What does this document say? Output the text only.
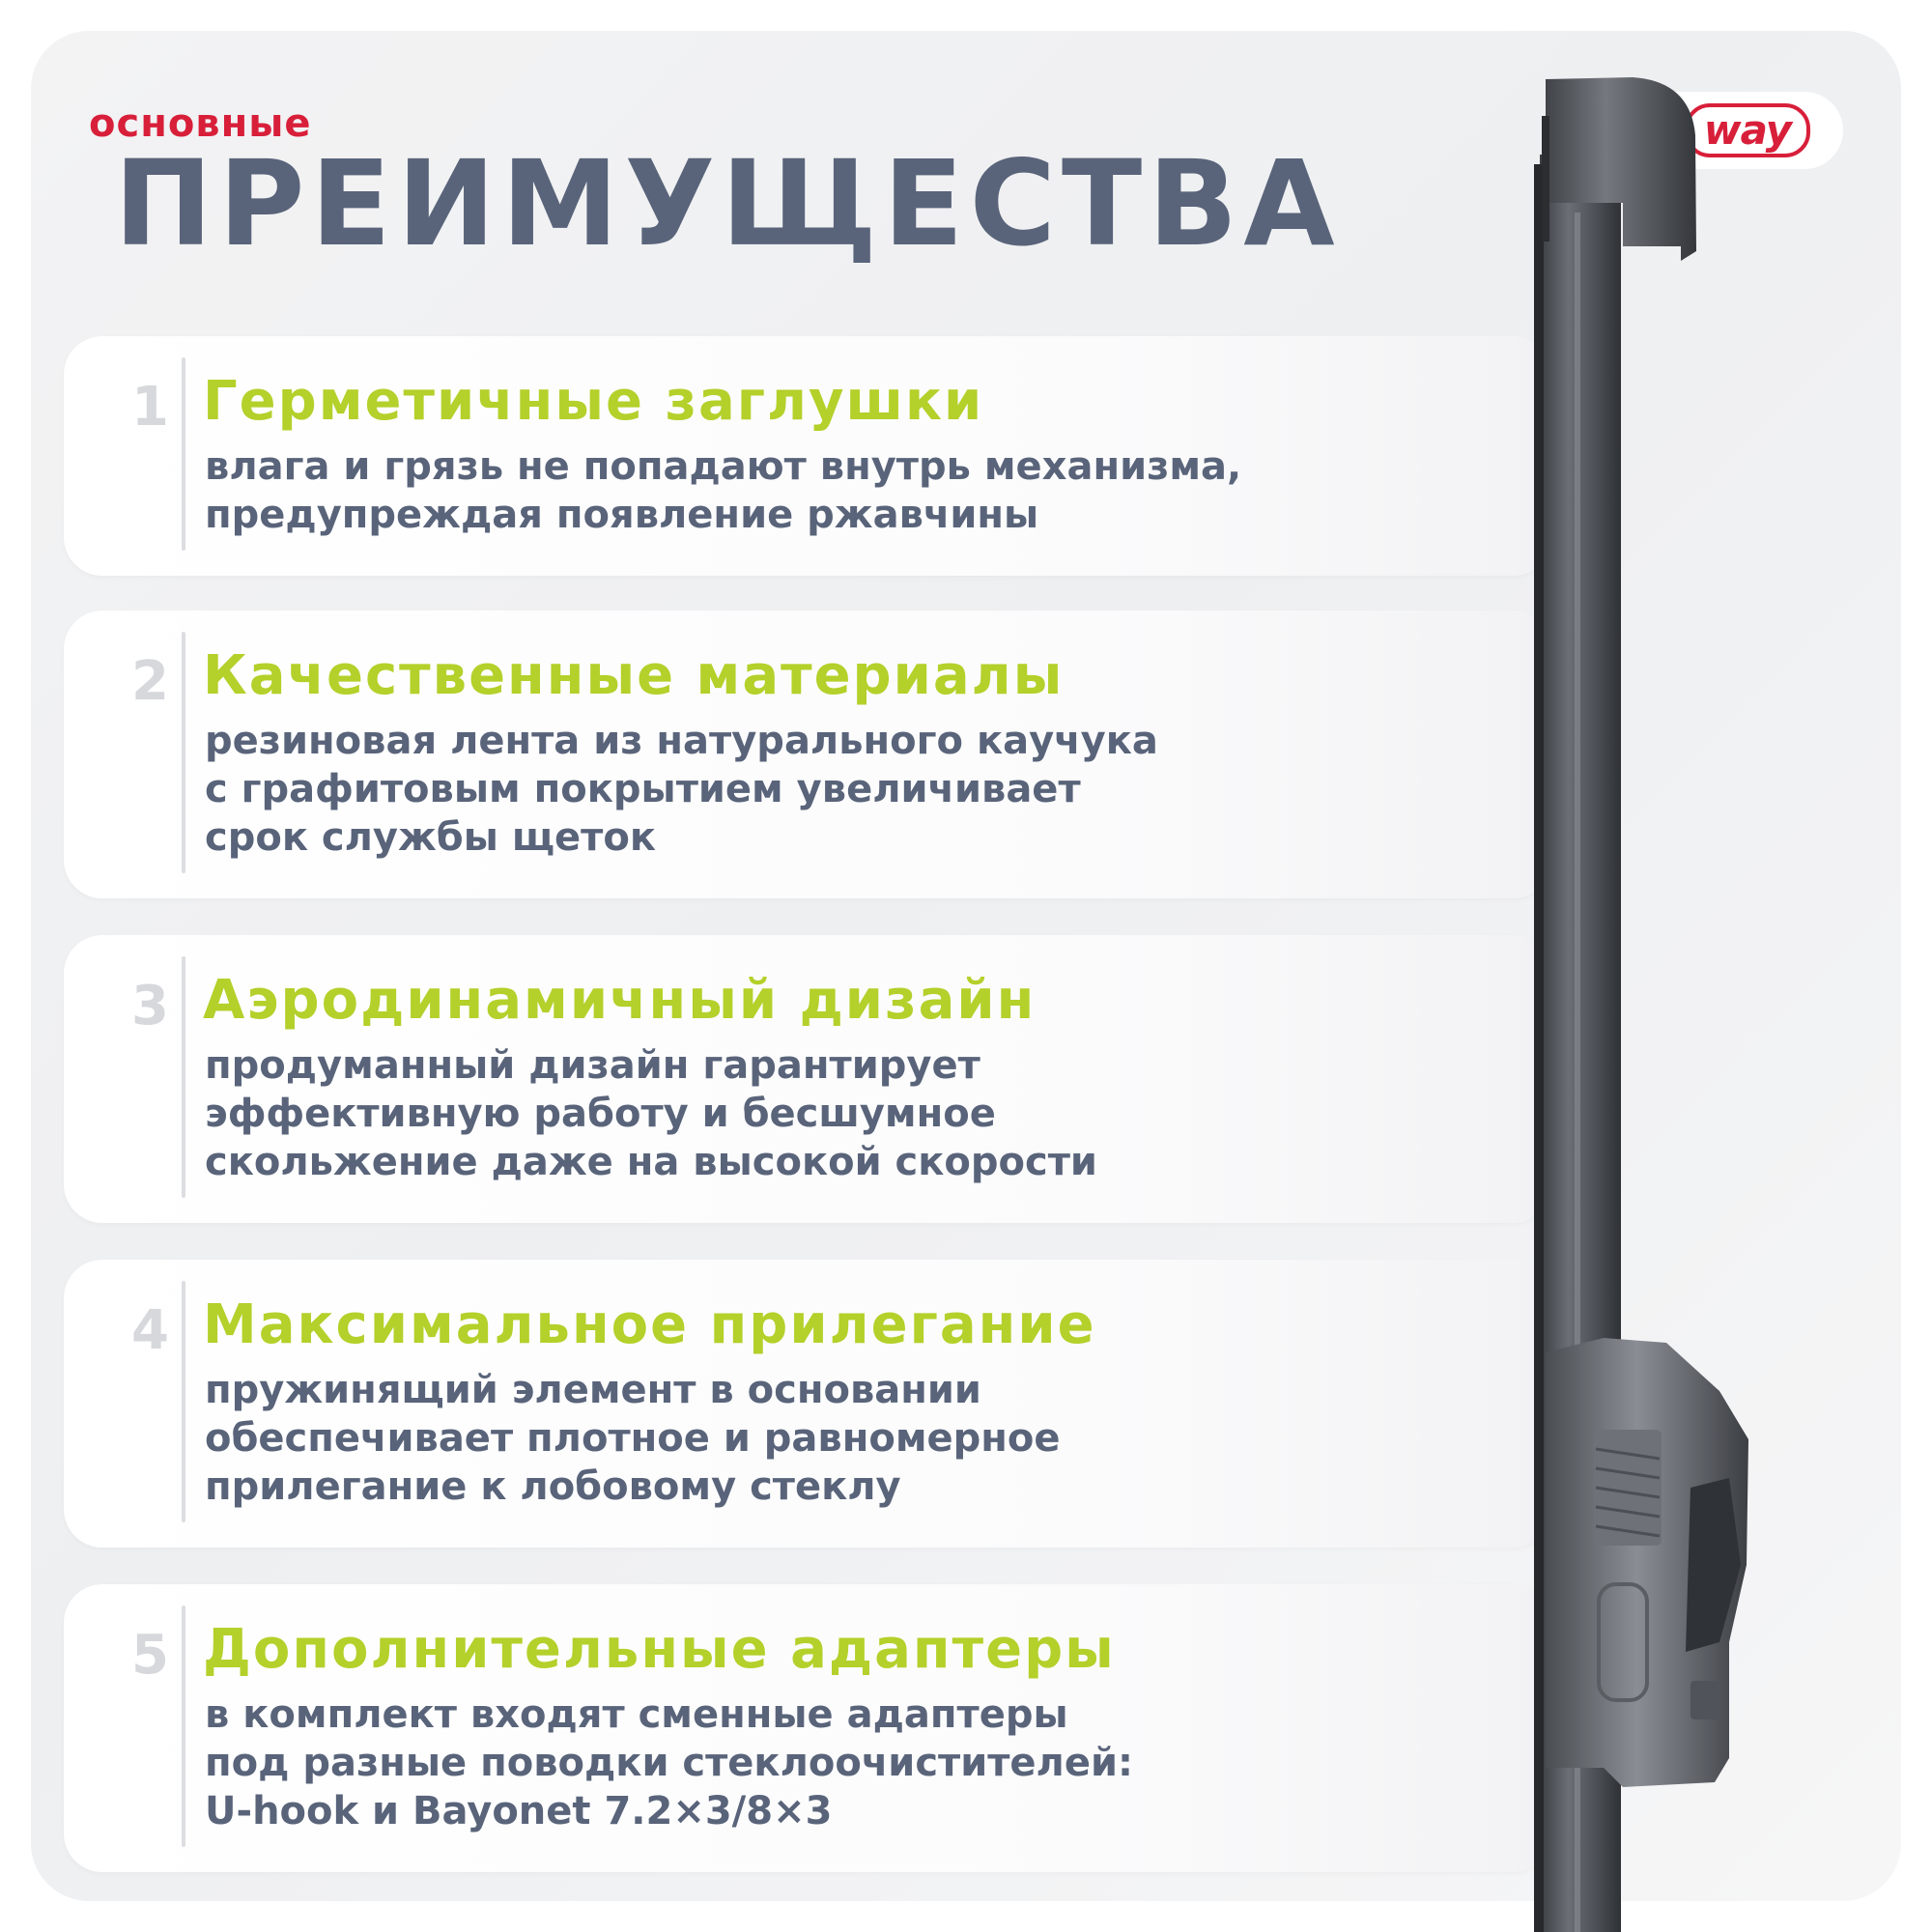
основные
ПРЕИМУЩЕСТВА
way
1 Герметичные заглушки
влага и грязь не попадают внутрь механизма,
предупреждая появление ржавчины
2 Качественные материалы
резиновая лента из натурального каучука
с графитовым покрытием увеличивает
срок службы щеток
3 Аэродинамичный дизайн
продуманный дизайн гарантирует
эффективную работу и бесшумное
скольжение даже на высокой скорости
4 Максимальное прилегание
пружинящий элемент в основании
обеспечивает плотное и равномерное
прилегание к лобовому стеклу
5 Дополнительные адаптеры
в комплект входят сменные адаптеры
под разные поводки стеклоочистителей:
U-hook и Bayonet 7.2×3/8×3
